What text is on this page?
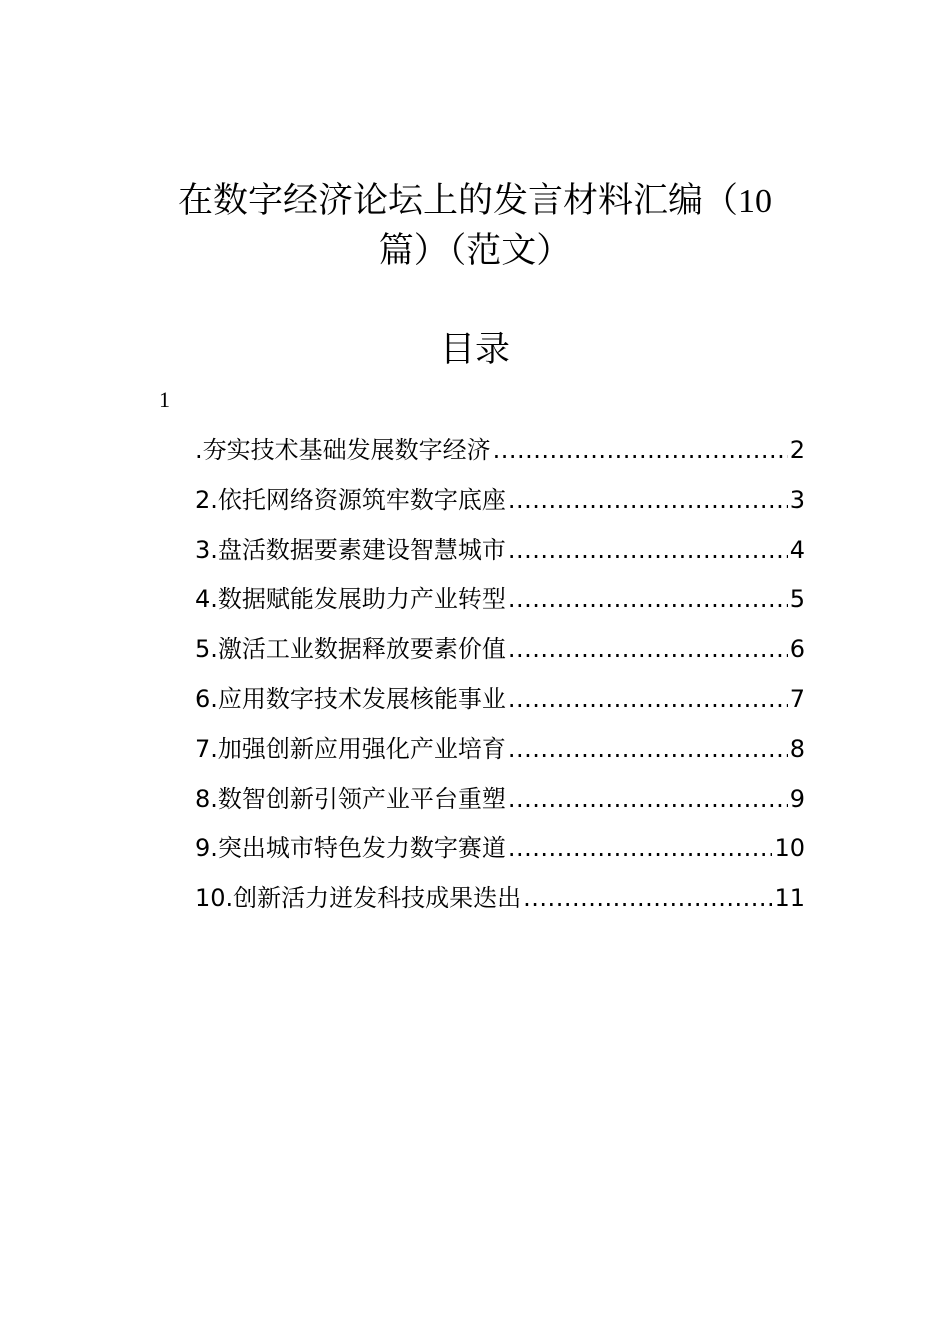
在数字经济论坛上的发言材料汇编（10
篇）（范文）
目录
1
.夯实技术基础发展数字经济 .....	2
2.依托网络资源筑牢数字底座 .....	3
3.盘活数据要素建设智慧城市 .....	4
4.数据赋能发展助力产业转型 .....	5
5.激活工业数据释放要素价值 .....	6
6.应用数字技术发展核能事业 .....	7
7.加强创新应用强化产业培育 .....	8
8.数智创新引领产业平台重塑 .....	9
9.突出城市特色发力数字赛道 .....	10
10.创新活力迸发科技成果迭出 .....	11
